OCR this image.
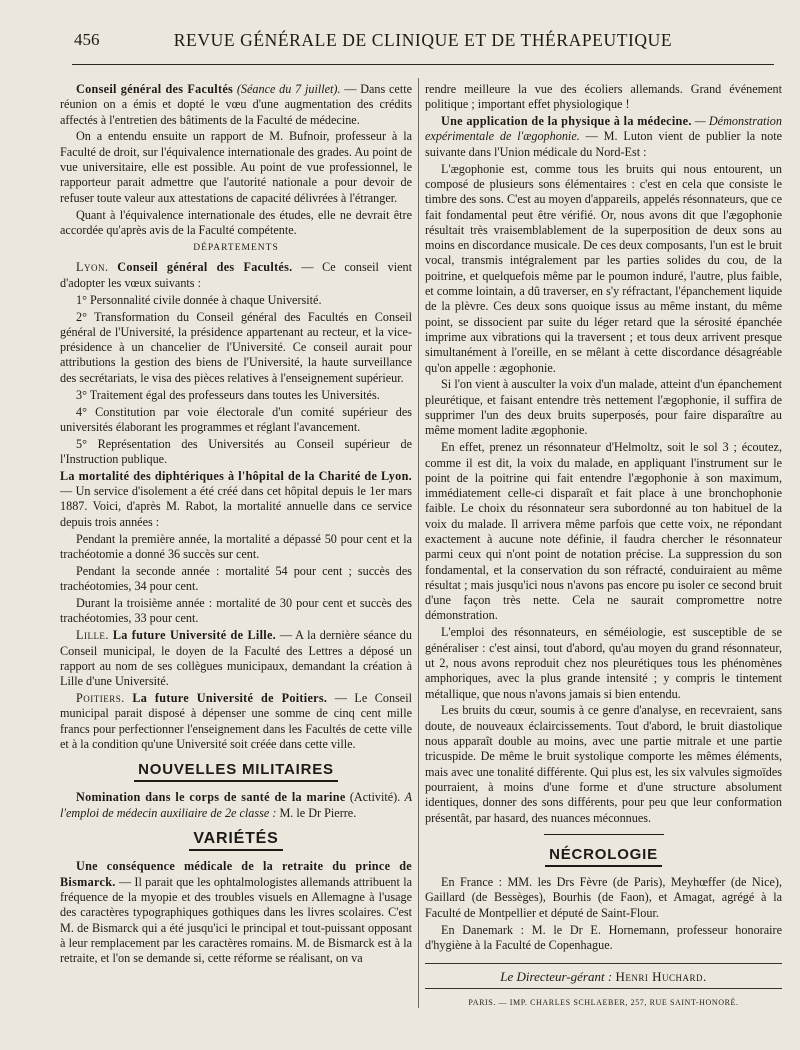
456	REVUE GÉNÉRALE DE CLINIQUE ET DE THÉRAPEUTIQUE

Conseil général des Facultés (Séance du 7 juillet). — Dans cette réunion on a émis et dopté le vœu d'une augmentation des crédits affectés à l'entretien des bâtiments de la Faculté de médecine.

On a entendu ensuite un rapport de M. Bufnoir, professeur à la Faculté de droit, sur l'équivalence internationale des grades. Au point de vue universitaire, elle est possible. Au point de vue professionnel, le rapporteur parait admettre que l'autorité nationale a pour devoir de refuser toute valeur aux attestations de capacité délivrées à l'étranger.

Quant à l'équivalence internationale des études, elle ne devrait être accordée qu'après avis de la Faculté compétente.

DÉPARTEMENTS

Lyon. Conseil général des Facultés. — Ce conseil vient d'adopter les vœux suivants :

1° Personnalité civile donnée à chaque Université.

2° Transformation du Conseil général des Facultés en Conseil général de l'Université, la présidence appartenant au recteur, et la vice-présidence à un chancelier de l'Université. Ce conseil aurait pour attributions la gestion des biens de l'Université, la haute surveillance des secrétariats, le visa des pièces relatives à l'enseignement supérieur.

3° Traitement égal des professeurs dans toutes les Universités.

4° Constitution par voie électorale d'un comité supérieur des universités élaborant les programmes et réglant l'avancement.

5° Représentation des Universités au Conseil supérieur de l'Instruction publique.

La mortalité des diphtériques à l'hôpital de la Charité de Lyon. — Un service d'isolement a été créé dans cet hôpital depuis le 1er mars 1887. Voici, d'après M. Rabot, la mortalité annuelle dans ce service depuis trois années :

Pendant la première année, la mortalité a dépassé 50 pour cent et la trachéotomie a donné 36 succès sur cent.

Pendant la seconde année : mortalité 54 pour cent ; succès des trachéotomies, 34 pour cent.

Durant la troisième année : mortalité de 30 pour cent et succès des trachéotomies, 33 pour cent.

Lille. La future Université de Lille. — A la dernière séance du Conseil municipal, le doyen de la Faculté des Lettres a déposé un rapport au nom de ses collègues municipaux, demandant la création à Lille d'une Université.

Poitiers. La future Université de Poitiers. — Le Conseil municipal parait disposé à dépenser une somme de cinq cent mille francs pour perfectionner l'enseignement dans les Facultés de cette ville et à la condition qu'une Université soit créée dans cette ville.

NOUVELLES MILITAIRES

Nomination dans le corps de santé de la marine (Activité). A l'emploi de médecin auxiliaire de 2e classe : M. le Dr Pierre.

VARIÉTÉS

Une conséquence médicale de la retraite du prince de Bismarck. — Il parait que les ophtalmologistes allemands attribuent la fréquence de la myopie et des troubles visuels en Allemagne à l'usage des caractères typographiques gothiques dans les livres scolaires. C'est M. de Bismarck qui a été jusqu'ici le principal et tout-puissant opposant à leur remplacement par les caractères romains. M. de Bismarck est à la retraite, et l'on se demande si, cette réforme se réalisant, on va

rendre meilleure la vue des écoliers allemands. Grand événement politique ; important effet physiologique !

Une application de la physique à la médecine. — Démonstration expérimentale de l'ægophonie. — M. Luton vient de publier la note suivante dans l'Union médicale du Nord-Est :

L'ægophonie est, comme tous les bruits qui nous entourent, un composé de plusieurs sons élémentaires : c'est en cela que consiste le timbre des sons. C'est au moyen d'appareils, appelés résonnateurs, que ce fait fondamental peut être vérifié. Or, nous avons dit que l'ægophonie résultait très vraisemblablement de la superposition de deux sons au moins en discordance musicale. De ces deux composants, l'un est le bruit vocal, transmis intégralement par les parties solides du cou, de la poitrine, et quelquefois même par le poumon induré, l'autre, plus faible, et comme lointain, a dû traverser, en s'y réfractant, l'épanchement liquide de la plèvre. Ces deux sons quoique issus au même instant, du même point, se dissocient par suite du léger retard que la sérosité épanchée imprime aux vibrations qui la traversent ; et tous deux arrivent presque simultanément à l'oreille, en se mêlant à cette discordance désagréable qu'on appelle : ægophonie.

Si l'on vient à ausculter la voix d'un malade, atteint d'un épanchement pleurétique, et faisant entendre très nettement l'ægophonie, il suffira de supprimer l'un des deux bruits superposés, pour faire disparaître au même moment ladite ægophonie.

En effet, prenez un résonnateur d'Helmoltz, soit le sol 3 ; écoutez, comme il est dit, la voix du malade, en appliquant l'instrument sur le point de la poitrine qui fait entendre l'ægophonie à son maximum, immédiatement celle-ci disparaît et fait place à une bronchophonie faible. Le choix du résonnateur sera subordonné au ton habituel de la voix du malade. Il arrivera même parfois que cette voix, ne répondant exactement à aucune note définie, il faudra chercher le résonnateur parmi ceux qui n'ont point de notation précise. La suppression du son fondamental, et la conservation du son réfracté, conduiraient au même résultat ; mais jusqu'ici nous n'avons pas encore pu isoler ce second bruit d'une façon très nette. Cela ne saurait compromettre notre démonstration.

L'emploi des résonnateurs, en séméiologie, est susceptible de se généraliser : c'est ainsi, tout d'abord, qu'au moyen du grand résonnateur, ut 2, nous avons reproduit chez nos pleurétiques tous les phénomènes amphoriques, avec la plus grande intensité ; y compris le tintement métallique, que nous n'avons jamais si bien entendu.

Les bruits du cœur, soumis à ce genre d'analyse, en recevraient, sans doute, de nouveaux éclaircissements. Tout d'abord, le bruit diastolique nous apparaît double au moins, avec une partie mitrale et une partie tricuspide. De même le bruit systolique comporte les mêmes éléments, mais avec une tonalité différente. Qui plus est, les six valvules sigmoïdes pourraient, à moins d'une forme et d'une structure absolument identiques, donner des sons différents, pour peu que leur conformation présentât, par hasard, des nuances méconnues.

NÉCROLOGIE

En France : MM. les Drs Fèvre (de Paris), Meyhœffer (de Nice), Gaillard (de Bessèges), Bourhis (de Faon), et Amagat, agrégé à la Faculté de Montpellier et député de Saint-Flour.

En Danemark : M. le Dr E. Hornemann, professeur honoraire d'hygiène à la Faculté de Copenhague.

Le Directeur-gérant : Henri Huchard.
PARIS. — IMP. CHARLES SCHLAEBER, 257, RUE SAINT-HONORÉ.
